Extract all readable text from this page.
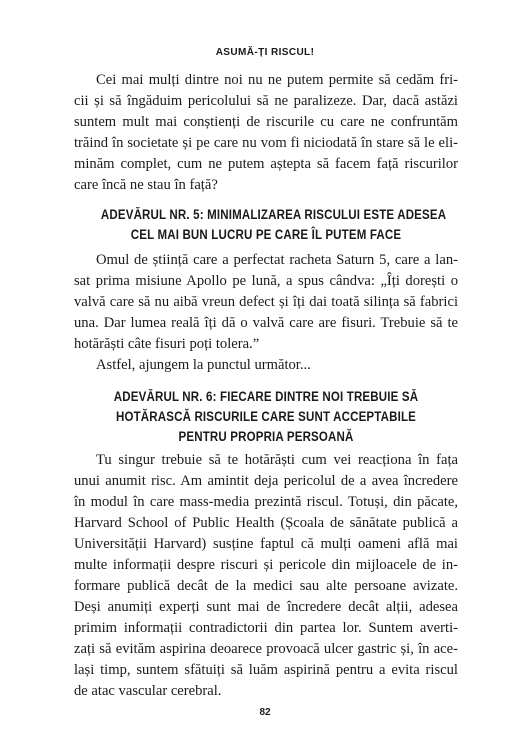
ASUMĂ-ȚI RISCUL!
Cei mai mulți dintre noi nu ne putem permite să cedăm fri-
cii și să îngăduim pericolului să ne paralizeze. Dar, dacă astăzi
suntem mult mai conștienți de riscurile cu care ne confruntăm
trăind în societate și pe care nu vom fi niciodată în stare să le eli-
minăm complet, cum ne putem aștepta să facem față riscurilor
care încă ne stau în față?
ADEVĂRUL NR. 5: MINIMALIZAREA RISCULUI ESTE ADESEA
CEL MAI BUN LUCRU PE CARE ÎL PUTEM FACE
Omul de știință care a perfectat racheta Saturn 5, care a lan-
sat prima misiune Apollo pe lună, a spus cândva: „Îți dorești o
valvă care să nu aibă vreun defect și îți dai toată silința să fabrici
una. Dar lumea reală îți dă o valvă care are fisuri. Trebuie să te
hotărăști câte fisuri poți tolera.”
Astfel, ajungem la punctul următor...
ADEVĂRUL NR. 6: FIECARE DINTRE NOI TREBUIE SĂ
HOTĂRASCĂ RISCURILE CARE SUNT ACCEPTABILE
PENTRU PROPRIA PERSOANĂ
Tu singur trebuie să te hotărăști cum vei reacționa în fața
unui anumit risc. Am amintit deja pericolul de a avea încredere
în modul în care mass-media prezintă riscul. Totuși, din păcate,
Harvard School of Public Health (Școala de sănătate publică a
Universității Harvard) susține faptul că mulți oameni află mai
multe informații despre riscuri și pericole din mijloacele de in-
formare publică decât de la medici sau alte persoane avizate.
Deși anumiți experți sunt mai de încredere decât alții, adesea
primim informații contradictorii din partea lor. Suntem averti-
zați să evităm aspirina deoarece provoacă ulcer gastric și, în ace-
lași timp, suntem sfătuiți să luăm aspirină pentru a evita riscul
de atac vascular cerebral.
82
